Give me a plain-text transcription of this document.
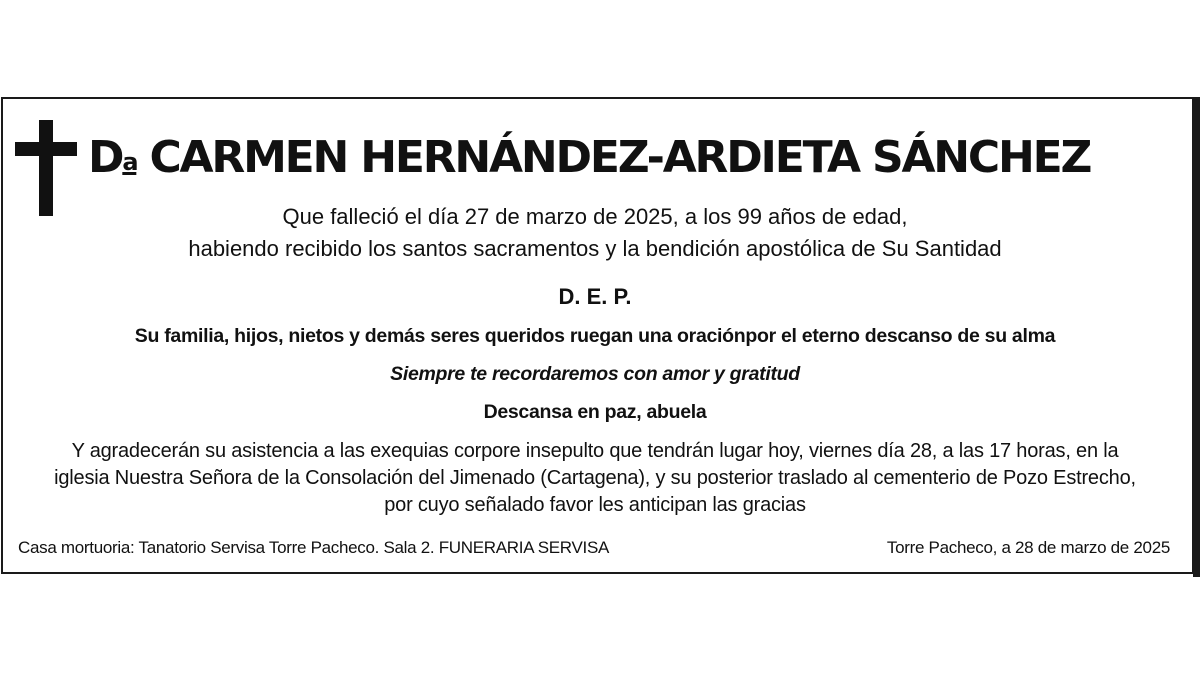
$D^a$ CARMEN HERNÁNDEZ-ARDIETA SÁNCHEZ
Que falleció el día 27 de marzo de 2025, a los 99 años de edad,
habiendo recibido los santos sacramentos y la bendición apostólica de Su Santidad
D. E. P.
Su familia, hijos, nietos y demás seres queridos ruegan una oraciónpor el eterno descanso de su alma
Siempre te recordaremos con amor y gratitud
Descansa en paz, abuela
Y agradecerán su asistencia a las exequias corpore insepulto que tendrán lugar hoy, viernes día 28, a las 17 horas, en la
iglesia Nuestra Señora de la Consolación del Jimenado (Cartagena), y su posterior traslado al cementerio de Pozo Estrecho,
por cuyo señalado favor les anticipan las gracias
Casa mortuoria: Tanatorio Servisa Torre Pacheco. Sala 2. FUNERARIA SERVISA	Torre Pacheco, a 28 de marzo de 2025
